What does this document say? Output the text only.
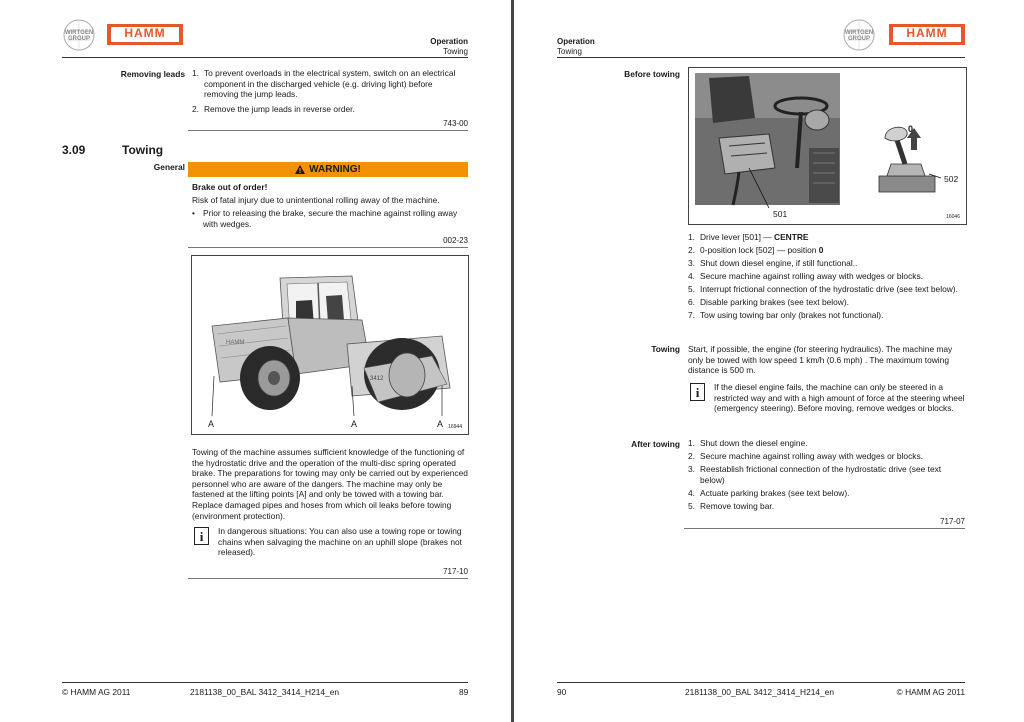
WIRTGEN GROUP	HAMM
Operation
Towing
Removing leads 1. To prevent overloads in the electrical system, switch on an electrical component in the discharged vehicle (e.g. driving light) before removing the jump leads.
2. Remove the jump leads in reverse order.
743-00
3.09	Towing
General	WARNING!
Brake out of order!
Risk of fatal injury due to unintentional rolling away of the machine.
• Prior to releasing the brake, secure the machine against rolling away with wedges.
002-23
HAMM
3412
A	A	A 16944
Towing of the machine assumes sufficient knowledge of the functioning of the hydrostatic drive and the operation of the multi-disc spring operated brake. The preparations for towing may only be carried out by experienced personnel who are aware of the dangers. The machine may only be fastened at the lifting points [A] and only be towed with a towing bar. Replace damaged pipes and hoses from which oil leaks before towing (environment protection).
i	In dangerous situations: You can also use a towing rope or towing chains when salvaging the machine on an uphill slope (brakes not released).
717-10
© HAMM AG 2011	2181138_00_BAL 3412_3414_H214_en	89
Operation
Towing
WIRTGEN GROUP	HAMM
Before towing
0
502
501	16046
1. Drive lever [501] — CENTRE
2. 0-position lock [502] — position 0
3. Shut down diesel engine, if still functional..
4. Secure machine against rolling away with wedges or blocks.
5. Interrupt frictional connection of the hydrostatic drive (see text below).
6. Disable parking brakes (see text below).
7. Tow using towing bar only (brakes not functional).
Towing Start, if possible, the engine (for steering hydraulics). The machine may only be towed with low speed 1 km/h (0.6 mph) . The maximum towing distance is 500 m.
i	If the diesel engine fails, the machine can only be steered in a restricted way and with a high amount of force at the steering wheel (emergency steering). Before moving, remove wedges or blocks.
After towing 1. Shut down the diesel engine.
2. Secure machine against rolling away with wedges or blocks.
3. Reestablish frictional connection of the hydrostatic drive (see text below)
4. Actuate parking brakes (see text below).
5. Remove towing bar.
717-07
90	2181138_00_BAL 3412_3414_H214_en	© HAMM AG 2011
